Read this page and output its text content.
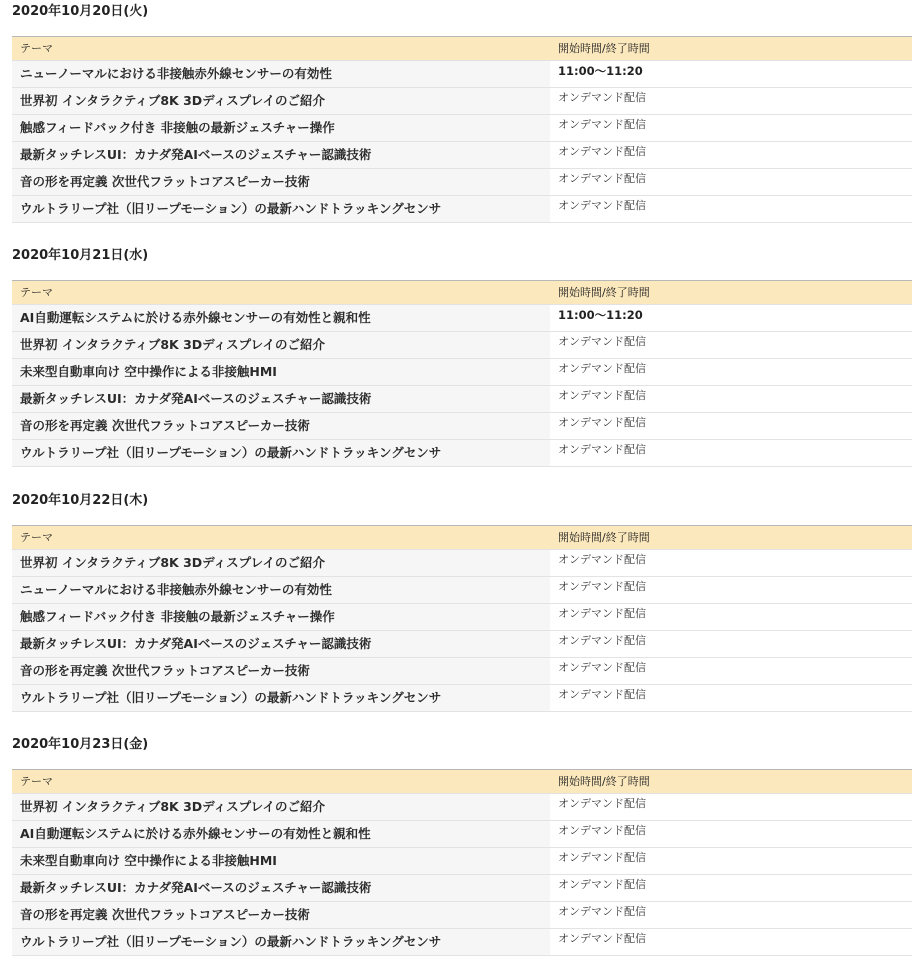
2020年10月20日(火)
テーマ	開始時間/終了時間
ニューノーマルにおける非接触赤外線センサーの有効性	11:00〜11:20
世界初 インタラクティブ8K 3Dディスプレイのご紹介	オンデマンド配信
触感フィードバック付き 非接触の最新ジェスチャー操作	オンデマンド配信
最新タッチレスUI：カナダ発AIベースのジェスチャー認識技術	オンデマンド配信
音の形を再定義 次世代フラットコアスピーカー技術	オンデマンド配信
ウルトラリープ社（旧リープモーション）の最新ハンドトラッキングセンサ	オンデマンド配信
2020年10月21日(水)
テーマ	開始時間/終了時間
AI自動運転システムに於ける赤外線センサーの有効性と親和性	11:00〜11:20
世界初 インタラクティブ8K 3Dディスプレイのご紹介	オンデマンド配信
未来型自動車向け 空中操作による非接触HMI	オンデマンド配信
最新タッチレスUI：カナダ発AIベースのジェスチャー認識技術	オンデマンド配信
音の形を再定義 次世代フラットコアスピーカー技術	オンデマンド配信
ウルトラリープ社（旧リープモーション）の最新ハンドトラッキングセンサ	オンデマンド配信
2020年10月22日(木)
テーマ	開始時間/終了時間
世界初 インタラクティブ8K 3Dディスプレイのご紹介	オンデマンド配信
ニューノーマルにおける非接触赤外線センサーの有効性	オンデマンド配信
触感フィードバック付き 非接触の最新ジェスチャー操作	オンデマンド配信
最新タッチレスUI：カナダ発AIベースのジェスチャー認識技術	オンデマンド配信
音の形を再定義 次世代フラットコアスピーカー技術	オンデマンド配信
ウルトラリープ社（旧リープモーション）の最新ハンドトラッキングセンサ	オンデマンド配信
2020年10月23日(金)
テーマ	開始時間/終了時間
世界初 インタラクティブ8K 3Dディスプレイのご紹介	オンデマンド配信
AI自動運転システムに於ける赤外線センサーの有効性と親和性	オンデマンド配信
未来型自動車向け 空中操作による非接触HMI	オンデマンド配信
最新タッチレスUI：カナダ発AIベースのジェスチャー認識技術	オンデマンド配信
音の形を再定義 次世代フラットコアスピーカー技術	オンデマンド配信
ウルトラリープ社（旧リープモーション）の最新ハンドトラッキングセンサ	オンデマンド配信
